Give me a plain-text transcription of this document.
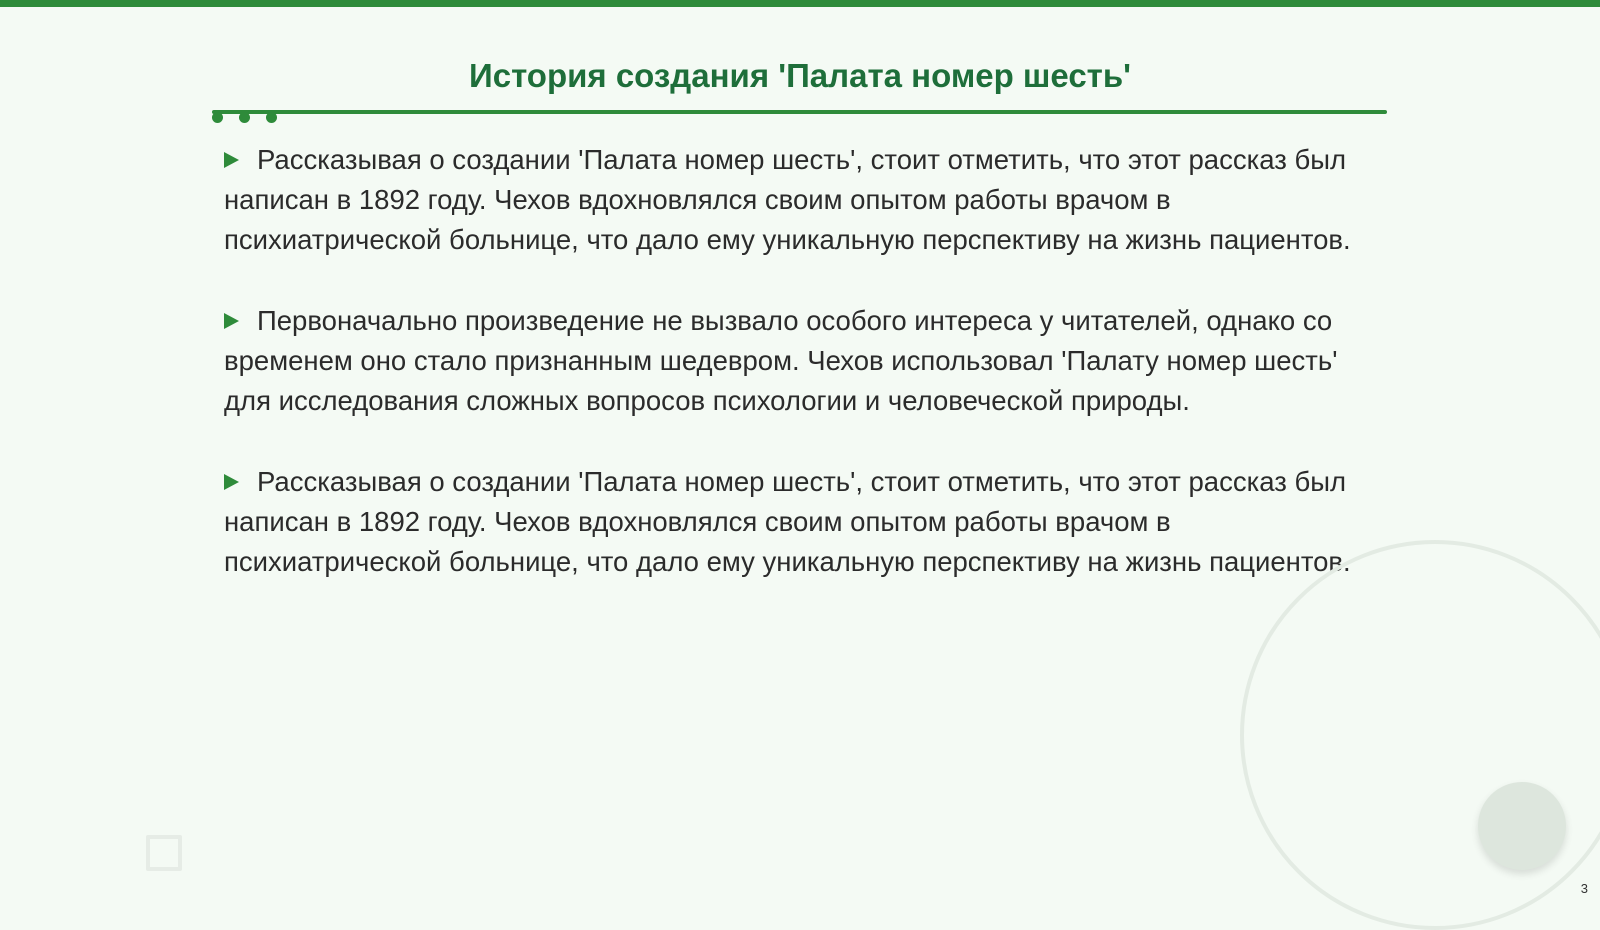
История создания 'Палата номер шесть'

Рассказывая о создании 'Палата номер шесть', стоит отметить, что этот рассказ был написан в 1892 году. Чехов вдохновлялся своим опытом работы врачом в психиатрической больнице, что дало ему уникальную перспективу на жизнь пациентов.

Первоначально произведение не вызвало особого интереса у читателей, однако со временем оно стало признанным шедевром. Чехов использовал 'Палату номер шесть' для исследования сложных вопросов психологии и человеческой природы.

Рассказывая о создании 'Палата номер шесть', стоит отметить, что этот рассказ был написан в 1892 году. Чехов вдохновлялся своим опытом работы врачом в психиатрической больнице, что дало ему уникальную перспективу на жизнь пациентов.

3
